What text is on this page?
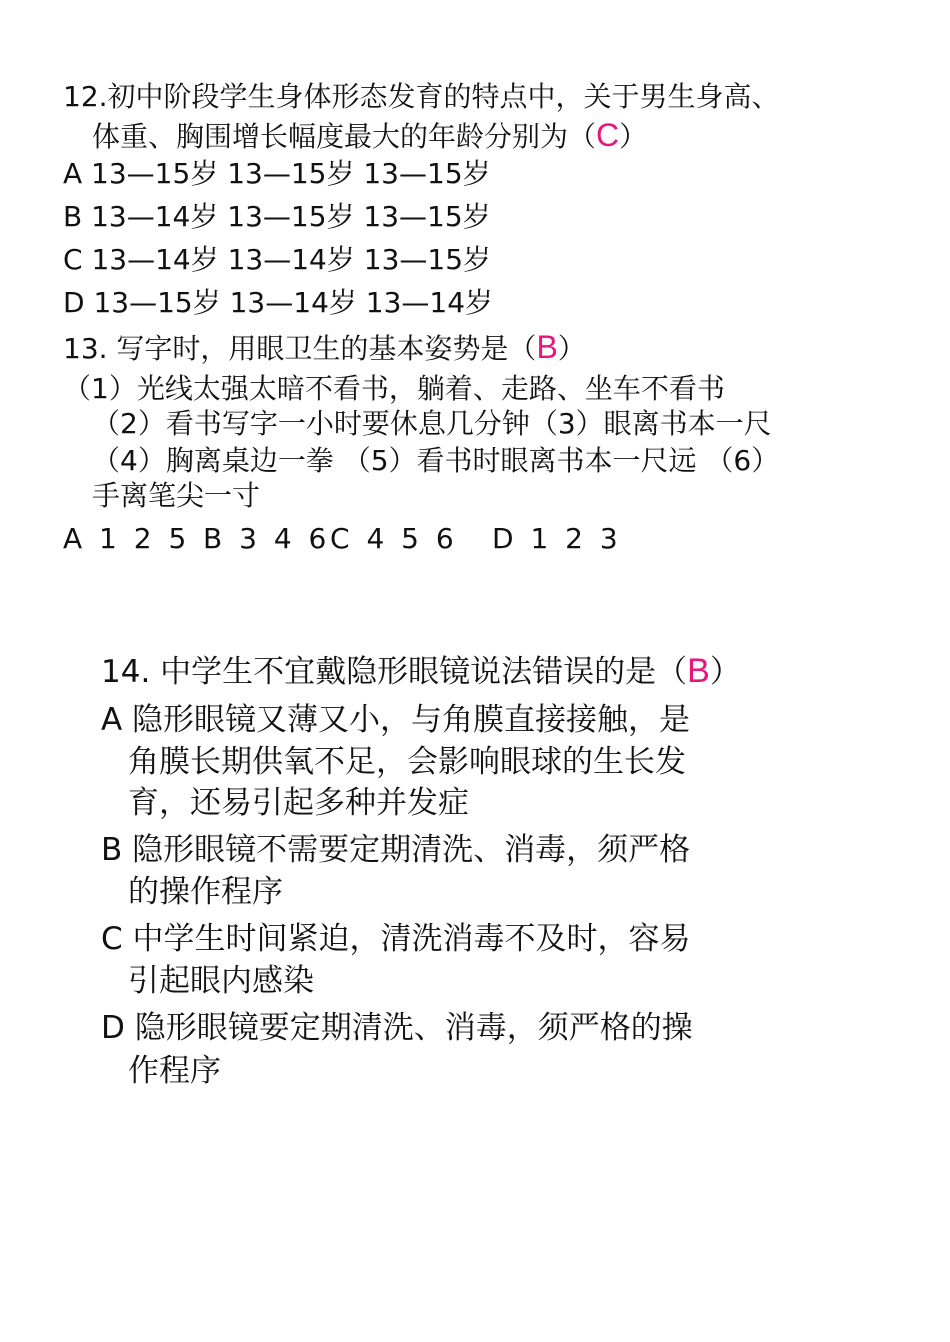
12.初中阶段学生身体形态发育的特点中，关于男生身高、
体重、胸围增长幅度最大的年龄分别为（C）
A 13—15岁 13—15岁 13—15岁
B 13—14岁 13—15岁 13—15岁
C 13—14岁 13—14岁 13—15岁
D 13—15岁 13—14岁 13—14岁
13. 写字时，用眼卫生的基本姿势是（B）
（1）光线太强太暗不看书，躺着、走路、坐车不看书
（2）看书写字一小时要休息几分钟（3）眼离书本一尺
（4）胸离桌边一拳 （5）看书时眼离书本一尺远 （6）
手离笔尖一寸
A 1 2 5 B 3 4 6 C 4 5 6 D 1 2 3
14. 中学生不宜戴隐形眼镜说法错误的是（B）
A 隐形眼镜又薄又小，与角膜直接接触，是
角膜长期供氧不足，会影响眼球的生长发
育，还易引起多种并发症
B 隐形眼镜不需要定期清洗、消毒，须严格
的操作程序
C 中学生时间紧迫，清洗消毒不及时，容易
引起眼内感染
D 隐形眼镜要定期清洗、消毒，须严格的操
作程序
